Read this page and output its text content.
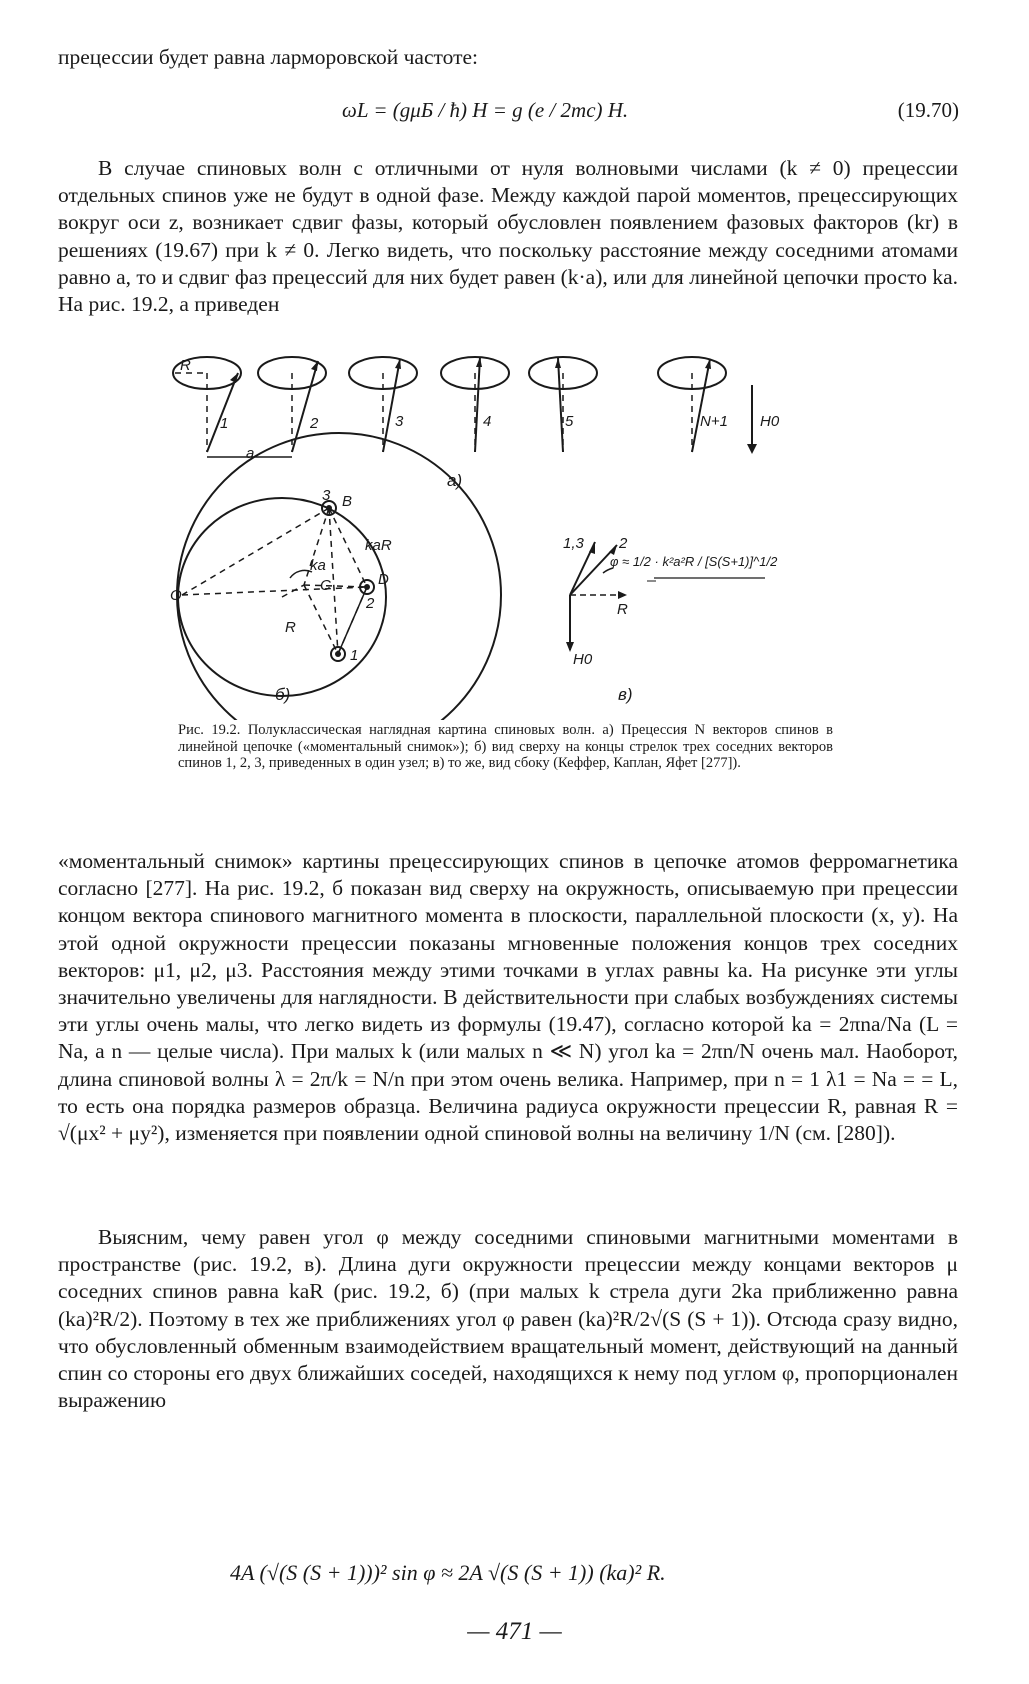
прецессии будет равна ларморовской частоте:

ωL = (gμБ / ħ) H = g (e / 2mc) H.	(19.70)

В случае спиновых волн с отличными от нуля волновыми числами (k ≠ 0) прецессии отдельных спинов уже не будут в одной фазе. Между каждой парой моментов, прецессирующих вокруг оси z, возникает сдвиг фазы, который обусловлен появлением фазовых факторов (kr) в решениях (19.67) при k ≠ 0. Легко видеть, что поскольку расстояние между соседними атомами равно a, то и сдвиг фаз прецессий для них будет равен (k·a), или для линейной цепочки просто ka. На рис. 19.2, a приведен

R
1	2	3	4	5	N+1
a
H0
a)
3 B
kaR
ka
C	D
2
R
1
O
б)
1,3 2
R
H0
φ ≈ 1/2 · k²a²R / [S(S+1)]^1/2
в)
Рис. 19.2. Полуклассическая наглядная картина спиновых волн. а) Прецессия N векторов спинов в линейной цепочке («моментальный снимок»); б) вид сверху на концы стрелок трех соседних векторов спинов 1, 2, 3, приведенных в один узел; в) то же, вид сбоку (Кеффер, Каплан, Яфет [277]).

«моментальный снимок» картины прецессирующих спинов в цепочке атомов ферромагнетика согласно [277]. На рис. 19.2, б показан вид сверху на окружность, описываемую при прецессии концом вектора спинового магнитного момента в плоскости, параллельной плоскости (x, y). На этой одной окружности прецессии показаны мгновенные положения концов трех соседних векторов: μ1, μ2, μ3. Расстояния между этими точками в углах равны ka. На рисунке эти углы значительно увеличены для наглядности. В действительности при слабых возбуждениях системы эти углы очень малы, что легко видеть из формулы (19.47), согласно которой ka = 2πna/Na (L = Na, а n — целые числа). При малых k (или малых n ≪ N) угол ka = 2πn/N очень мал. Наоборот, длина спиновой волны λ = 2π/k = N/n при этом очень велика. Например, при n = 1 λ1 = Na = = L, то есть она порядка размеров образца. Величина радиуса окружности прецессии R, равная R = √(μx² + μy²), изменяется при появлении одной спиновой волны на величину 1/N (см. [280]).

Выясним, чему равен угол φ между соседними спиновыми магнитными моментами в пространстве (рис. 19.2, в). Длина дуги окружности прецессии между концами векторов μ соседних спинов равна kaR (рис. 19.2, б) (при малых k стрела дуги 2ka приближенно равна (ka)²R/2). Поэтому в тех же приближениях угол φ равен (ka)²R/2√(S (S + 1)). Отсюда сразу видно, что обусловленный обменным взаимодействием вращательный момент, действующий на данный спин со стороны его двух ближайших соседей, находящихся к нему под углом φ, пропорционален выражению

4A (√(S (S + 1)))² sin φ ≈ 2A √(S (S + 1)) (ka)² R.
— 471 —
